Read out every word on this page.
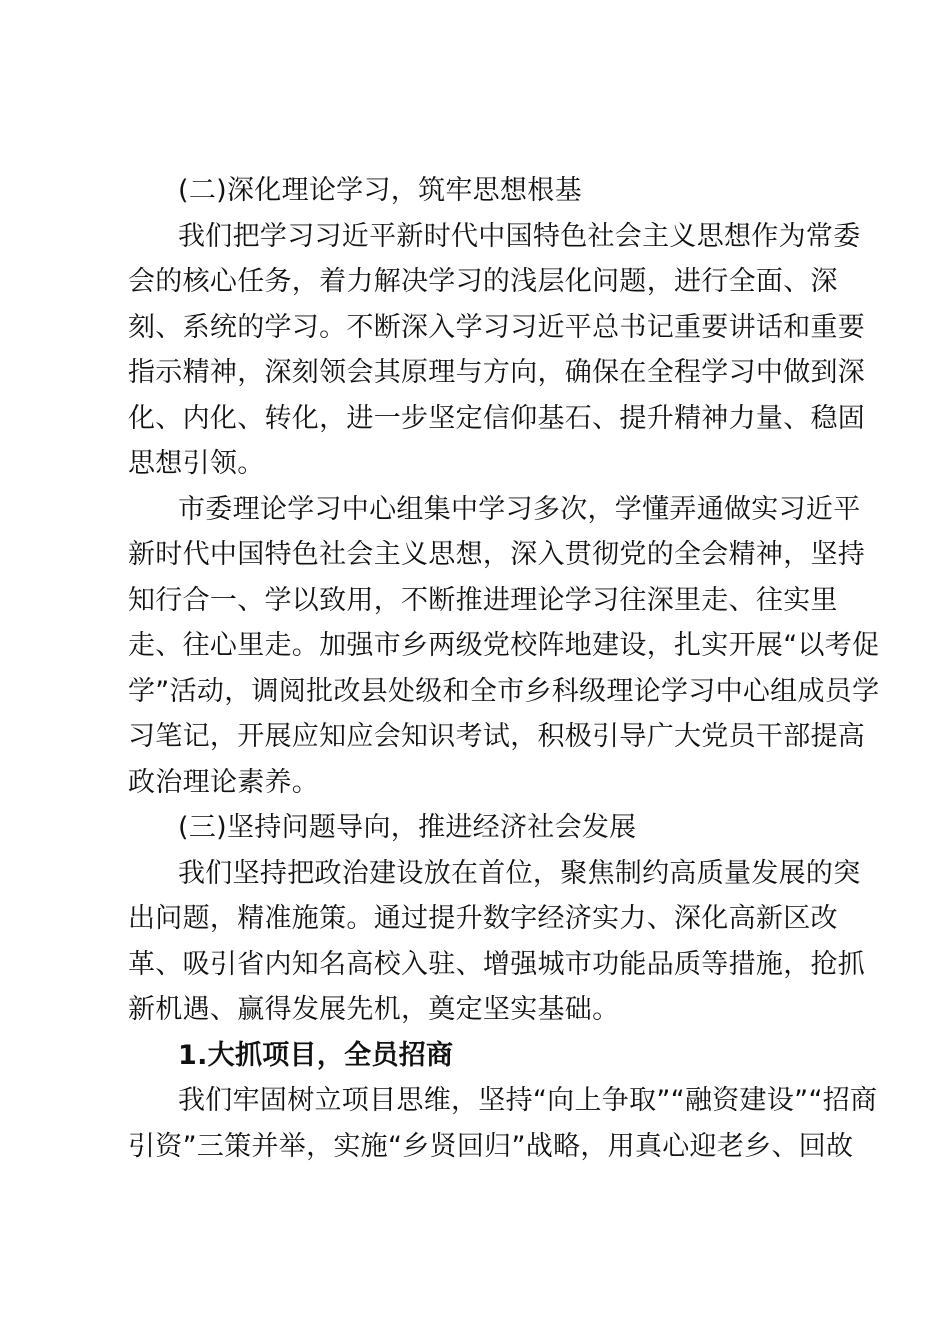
(二)深化理论学习，筑牢思想根基
我们把学习习近平新时代中国特色社会主义思想作为常委
会的核心任务，着力解决学习的浅层化问题，进行全面、深
刻、系统的学习。不断深入学习习近平总书记重要讲话和重要
指示精神，深刻领会其原理与方向，确保在全程学习中做到深
化、内化、转化，进一步坚定信仰基石、提升精神力量、稳固
思想引领。
市委理论学习中心组集中学习多次，学懂弄通做实习近平
新时代中国特色社会主义思想，深入贯彻党的全会精神，坚持
知行合一、学以致用，不断推进理论学习往深里走、往实里
走、往心里走。加强市乡两级党校阵地建设，扎实开展“以考促
学”活动，调阅批改县处级和全市乡科级理论学习中心组成员学
习笔记，开展应知应会知识考试，积极引导广大党员干部提高
政治理论素养。
(三)坚持问题导向，推进经济社会发展
我们坚持把政治建设放在首位，聚焦制约高质量发展的突
出问题，精准施策。通过提升数字经济实力、深化高新区改
革、吸引省内知名高校入驻、增强城市功能品质等措施，抢抓
新机遇、赢得发展先机，奠定坚实基础。
1.大抓项目，全员招商
我们牢固树立项目思维，坚持“向上争取”“融资建设”“招商
引资”三策并举，实施“乡贤回归”战略，用真心迎老乡、回故
